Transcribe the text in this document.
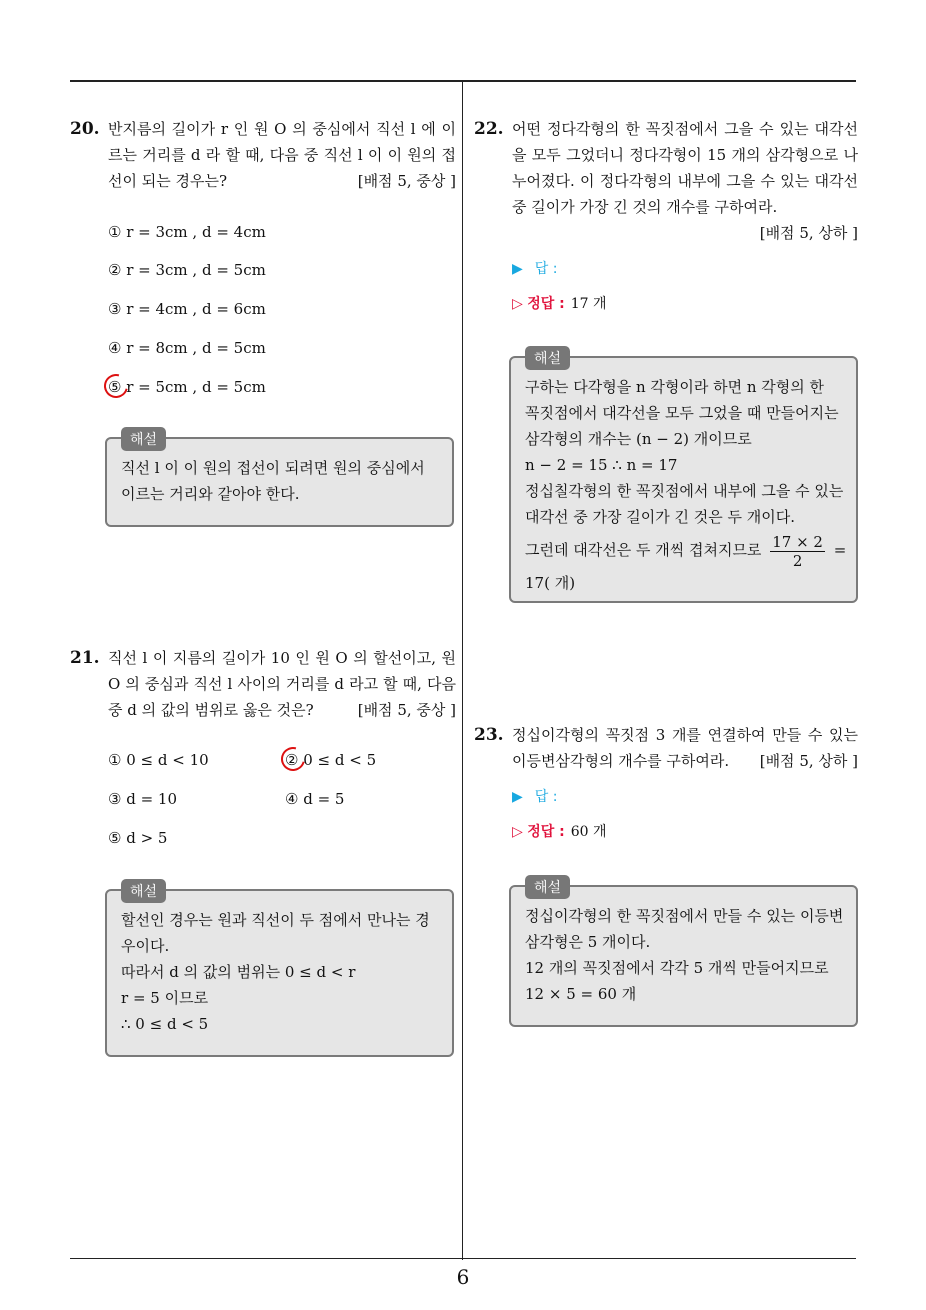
20. 반지름의 길이가 r 인 원 O 의 중심에서 직선 l 에 이르는 거리를 d 라 할 때, 다음 중 직선 l 이 이 원의 접선이 되는 경우는?	[배점 5, 중상 ]
① r = 3cm , d = 4cm
② r = 3cm , d = 5cm
③ r = 4cm , d = 6cm
④ r = 8cm , d = 5cm
⑤ r = 5cm , d = 5cm
해설
직선 l 이 이 원의 접선이 되려면 원의 중심에서
이르는 거리와 같아야 한다.
21. 직선 l 이 지름의 길이가 10 인 원 O 의 할선이고, 원 O 의 중심과 직선 l 사이의 거리를 d 라고 할 때, 다음 중 d 의 값의 범위로 옳은 것은?	[배점 5, 중상 ]
① 0 ≤ d < 10	② 0 ≤ d < 5
③ d = 10	④ d = 5
⑤ d > 5
해설
할선인 경우는 원과 직선이 두 점에서 만나는 경
우이다.
따라서 d 의 값의 범위는 0 ≤ d < r
r = 5 이므로
∴ 0 ≤ d < 5
22. 어떤 정다각형의 한 꼭짓점에서 그을 수 있는 대각선을 모두 그었더니 정다각형이 15 개의 삼각형으로 나누어졌다. 이 정다각형의 내부에 그을 수 있는 대각선 중 길이가 가장 긴 것의 개수를 구하여라.
[배점 5, 상하 ]
▶ 답 :
▷ 정답 : 17 개
해설
구하는 다각형을 n 각형이라 하면 n 각형의 한
꼭짓점에서 대각선을 모두 그었을 때 만들어지는
삼각형의 개수는 (n − 2) 개이므로
n − 2 = 15 ∴ n = 17
정십칠각형의 한 꼭짓점에서 내부에 그을 수 있는
대각선 중 가장 길이가 긴 것은 두 개이다.
그런데 대각선은 두 개씩 겹쳐지므로 $\frac{17 \times 2}{2}$ =
17( 개)
23. 정십이각형의 꼭짓점 3 개를 연결하여 만들 수 있는 이등변삼각형의 개수를 구하여라. [배점 5, 상하 ]
▶ 답 :
▷ 정답 : 60 개
해설
정십이각형의 한 꼭짓점에서 만들 수 있는 이등변
삼각형은 5 개이다.
12 개의 꼭짓점에서 각각 5 개씩 만들어지므로
12 × 5 = 60 개
6
